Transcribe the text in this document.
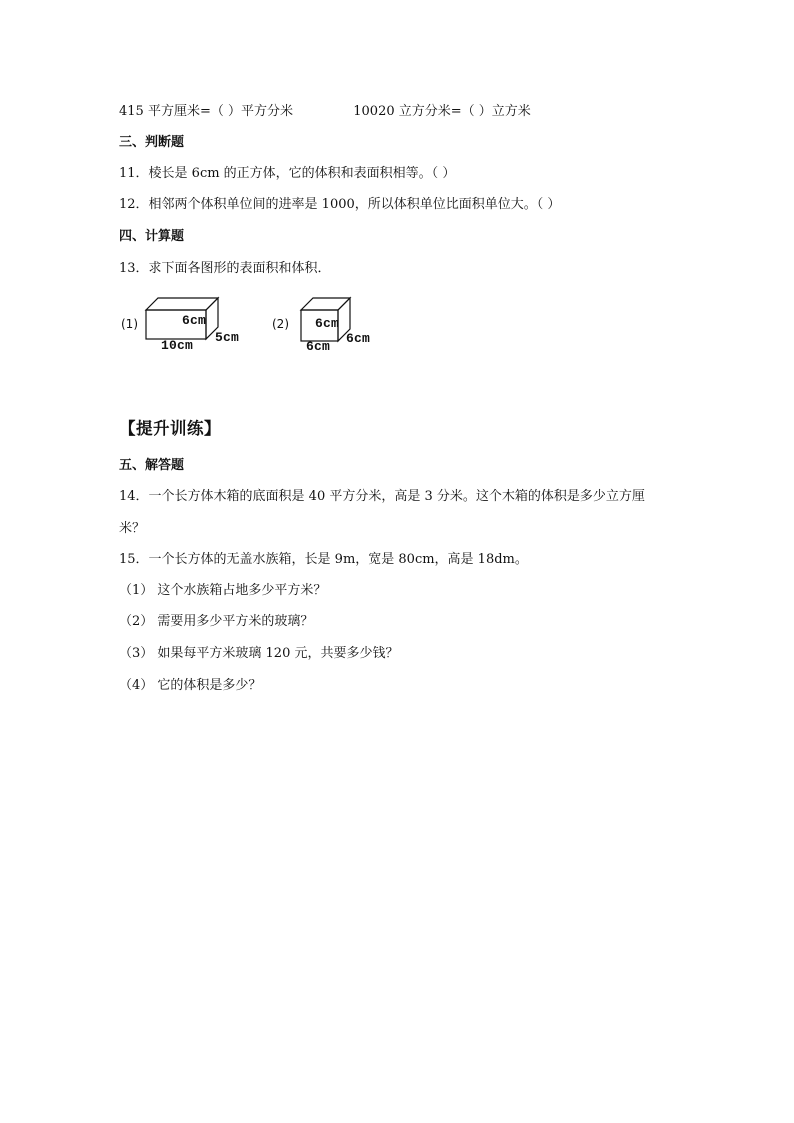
415 平方厘米=（ ）平方分米	10020 立方分米=（ ）立方米
三、判断题
11．棱长是 6cm 的正方体，它的体积和表面积相等。（ ）
12．相邻两个体积单位间的进率是 1000，所以体积单位比面积单位大。（ ）
四、计算题
13．求下面各图形的表面积和体积．
(1)	6cm
5cm
10cm
(2) 6cm
6cm
6cm
【提升训练】
五、解答题
14．一个长方体木箱的底面积是 40 平方分米，高是 3 分米。这个木箱的体积是多少立方厘
米？
15．一个长方体的无盖水族箱，长是 9m，宽是 80cm，高是 18dm。
（1） 这个水族箱占地多少平方米？
（2） 需要用多少平方米的玻璃？
（3） 如果每平方米玻璃 120 元，共要多少钱？
（4） 它的体积是多少？
